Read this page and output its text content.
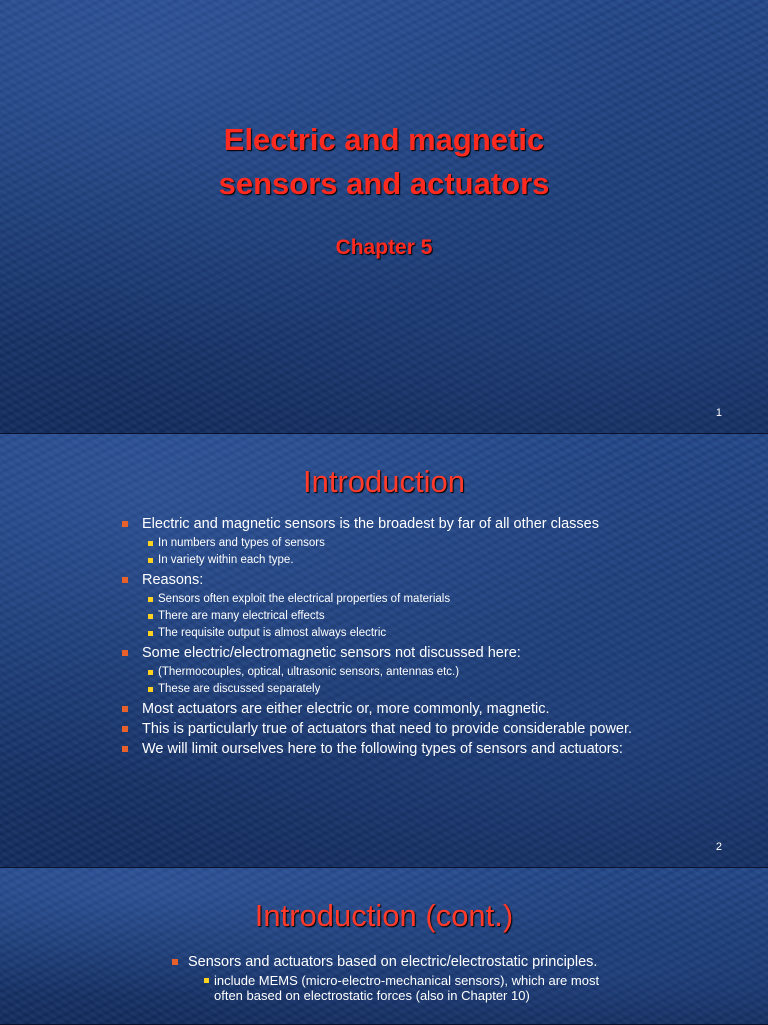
Electric and magnetic
sensors and actuators
Chapter 5
1
Introduction
Electric and magnetic sensors is the broadest by far of all other classes
In numbers and types of sensors
In variety within each type.
Reasons:
Sensors often exploit the electrical properties of materials
There are many electrical effects
The requisite output is almost always electric
Some electric/electromagnetic sensors not discussed here:
(Thermocouples, optical, ultrasonic sensors, antennas etc.)
These are discussed separately
Most actuators are either electric or, more commonly, magnetic.
This is particularly true of actuators that need to provide considerable power.
We will limit ourselves here to the following types of sensors and actuators:
2
Introduction (cont.)
Sensors and actuators based on electric/electrostatic principles.
include MEMS (micro-electro-mechanical sensors), which are most often based on electrostatic forces (also in Chapter 10)
